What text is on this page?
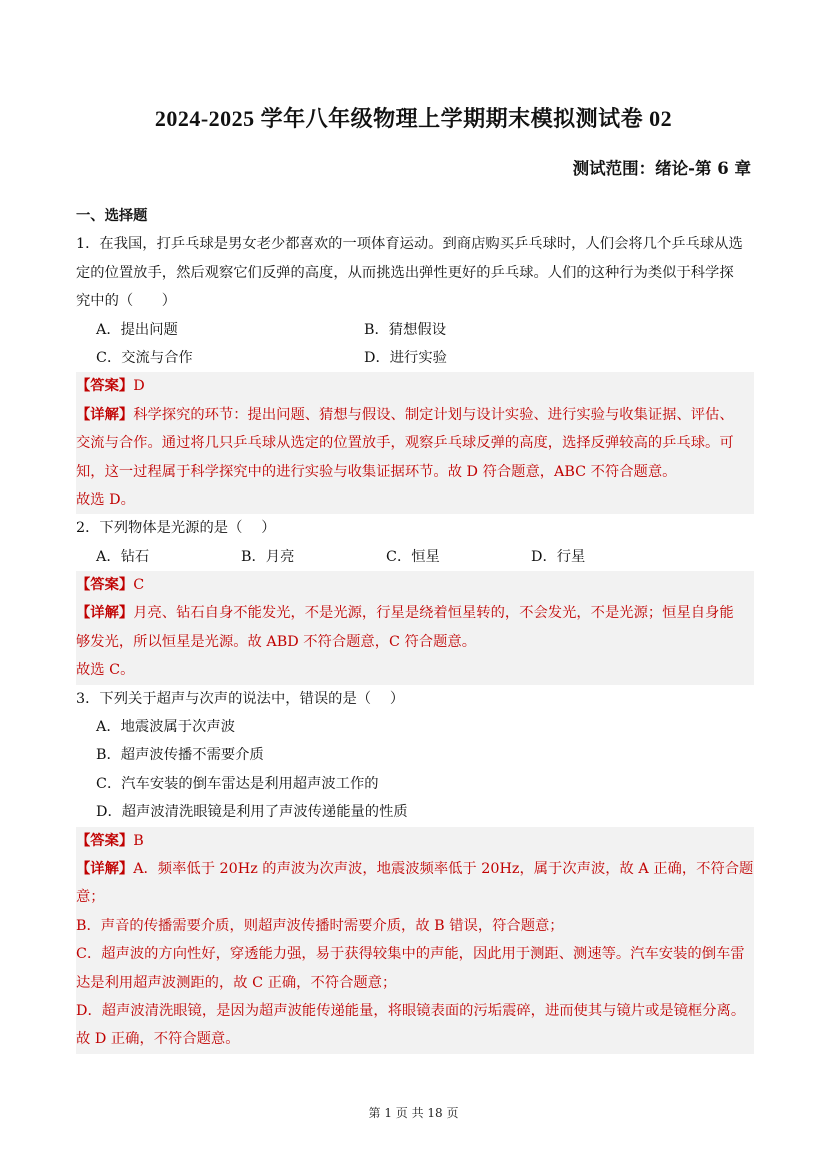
2024-2025 学年八年级物理上学期期末模拟测试卷 02
测试范围：绪论-第 6 章
一、选择题
1．在我国，打乒乓球是男女老少都喜欢的一项体育运动。到商店购买乒乓球时，人们会将几个乒乓球从选
定的位置放手，然后观察它们反弹的高度，从而挑选出弹性更好的乒乓球。人们的这种行为类似于科学探
究中的（　　）
A．提出问题	B．猜想假设
C．交流与合作	D．进行实验
【答案】D
【详解】科学探究的环节：提出问题、猜想与假设、制定计划与设计实验、进行实验与收集证据、评估、
交流与合作。通过将几只乒乓球从选定的位置放手，观察乒乓球反弹的高度，选择反弹较高的乒乓球。可
知，这一过程属于科学探究中的进行实验与收集证据环节。故 D 符合题意，ABC 不符合题意。
故选 D。
2．下列物体是光源的是（　 ）
A．钻石	B．月亮	C．恒星	D．行星
【答案】C
【详解】月亮、钻石自身不能发光，不是光源，行星是绕着恒星转的，不会发光，不是光源；恒星自身能
够发光，所以恒星是光源。故 ABD 不符合题意，C 符合题意。
故选 C。
3．下列关于超声与次声的说法中，错误的是（　 ）
A．地震波属于次声波
B．超声波传播不需要介质
C．汽车安装的倒车雷达是利用超声波工作的
D．超声波清洗眼镜是利用了声波传递能量的性质
【答案】B
【详解】A．频率低于 20Hz 的声波为次声波，地震波频率低于 20Hz，属于次声波，故 A 正确，不符合题
意；
B．声音的传播需要介质，则超声波传播时需要介质，故 B 错误，符合题意；
C．超声波的方向性好，穿透能力强，易于获得较集中的声能，因此用于测距、测速等。汽车安装的倒车雷
达是利用超声波测距的，故 C 正确，不符合题意；
D．超声波清洗眼镜，是因为超声波能传递能量，将眼镜表面的污垢震碎，进而使其与镜片或是镜框分离。
故 D 正确，不符合题意。
第 1 页 共 18 页
